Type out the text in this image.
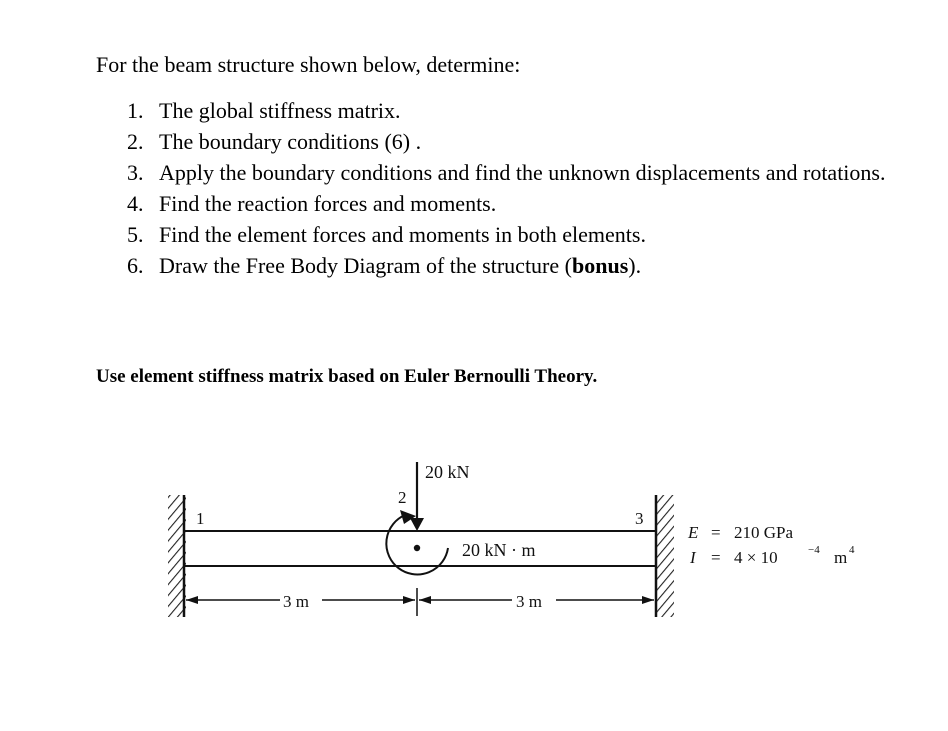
For the beam structure shown below, determine:

1. The global stiffness matrix.
2. The boundary conditions (6) .
3. Apply the boundary conditions and find the unknown displacements and rotations.
4. Find the reaction forces and moments.
5. Find the element forces and moments in both elements.
6. Draw the Free Body Diagram of the structure (bonus).

Use element stiffness matrix based on Euler Bernoulli Theory.

20 kN
20 kN · m
1
2
3
3 m	3 m
E = 210 GPa
I = 4 × 10	−4 m 4
